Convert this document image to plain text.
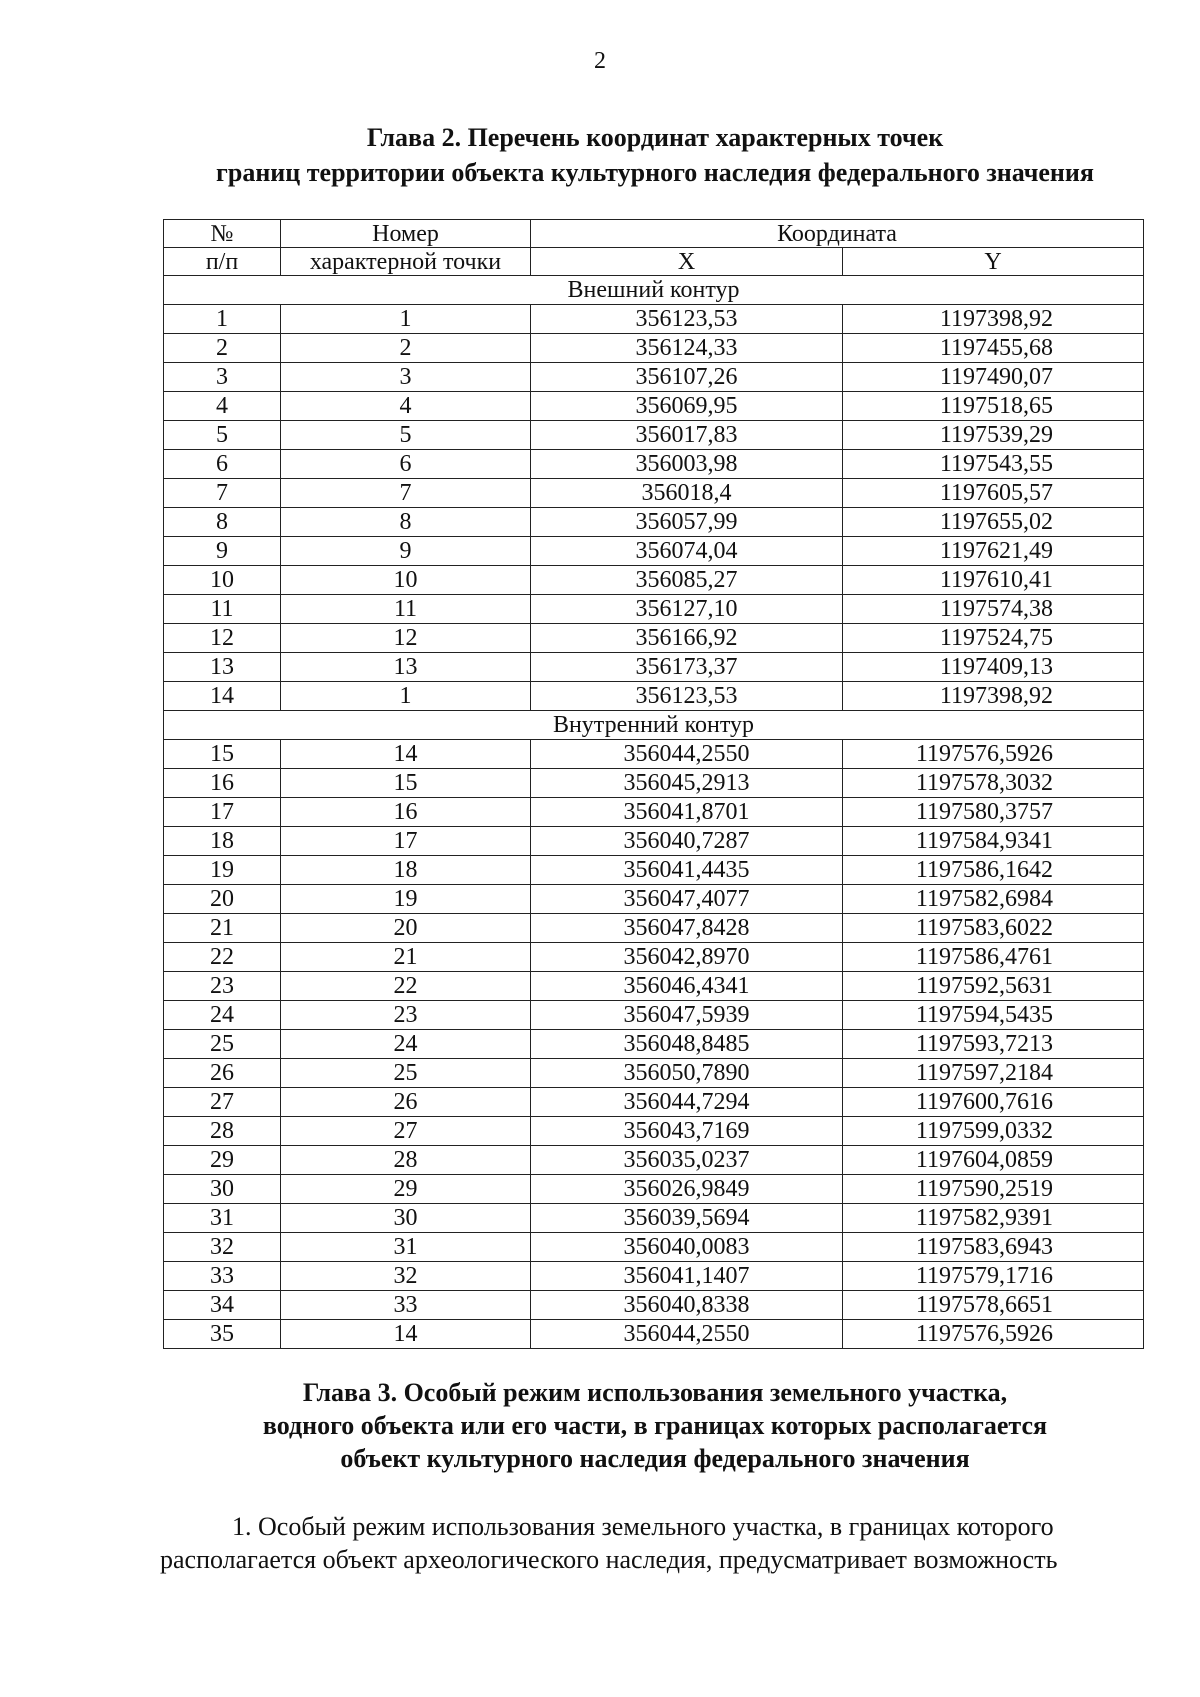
2
Глава 2. Перечень координат характерных точек
границ территории объекта культурного наследия федерального значения
№	Номер	Координата	
п/п	характерной точки	X	Y
Внешний контур			
1	1	356123,53	1197398,92
2	2	356124,33	1197455,68
3	3	356107,26	1197490,07
4	4	356069,95	1197518,65
5	5	356017,83	1197539,29
6	6	356003,98	1197543,55
7	7	356018,4	1197605,57
8	8	356057,99	1197655,02
9	9	356074,04	1197621,49
10	10	356085,27	1197610,41
11	11	356127,10	1197574,38
12	12	356166,92	1197524,75
13	13	356173,37	1197409,13
14	1	356123,53	1197398,92
Внутренний контур			
15	14	356044,2550	1197576,5926
16	15	356045,2913	1197578,3032
17	16	356041,8701	1197580,3757
18	17	356040,7287	1197584,9341
19	18	356041,4435	1197586,1642
20	19	356047,4077	1197582,6984
21	20	356047,8428	1197583,6022
22	21	356042,8970	1197586,4761
23	22	356046,4341	1197592,5631
24	23	356047,5939	1197594,5435
25	24	356048,8485	1197593,7213
26	25	356050,7890	1197597,2184
27	26	356044,7294	1197600,7616
28	27	356043,7169	1197599,0332
29	28	356035,0237	1197604,0859
30	29	356026,9849	1197590,2519
31	30	356039,5694	1197582,9391
32	31	356040,0083	1197583,6943
33	32	356041,1407	1197579,1716
34	33	356040,8338	1197578,6651
35	14	356044,2550	1197576,5926
Глава 3. Особый режим использования земельного участка,
водного объекта или его части, в границах которых располагается
объект культурного наследия федерального значения

1. Особый режим использования земельного участка, в границах которого
располагается объект археологического наследия, предусматривает возможность
